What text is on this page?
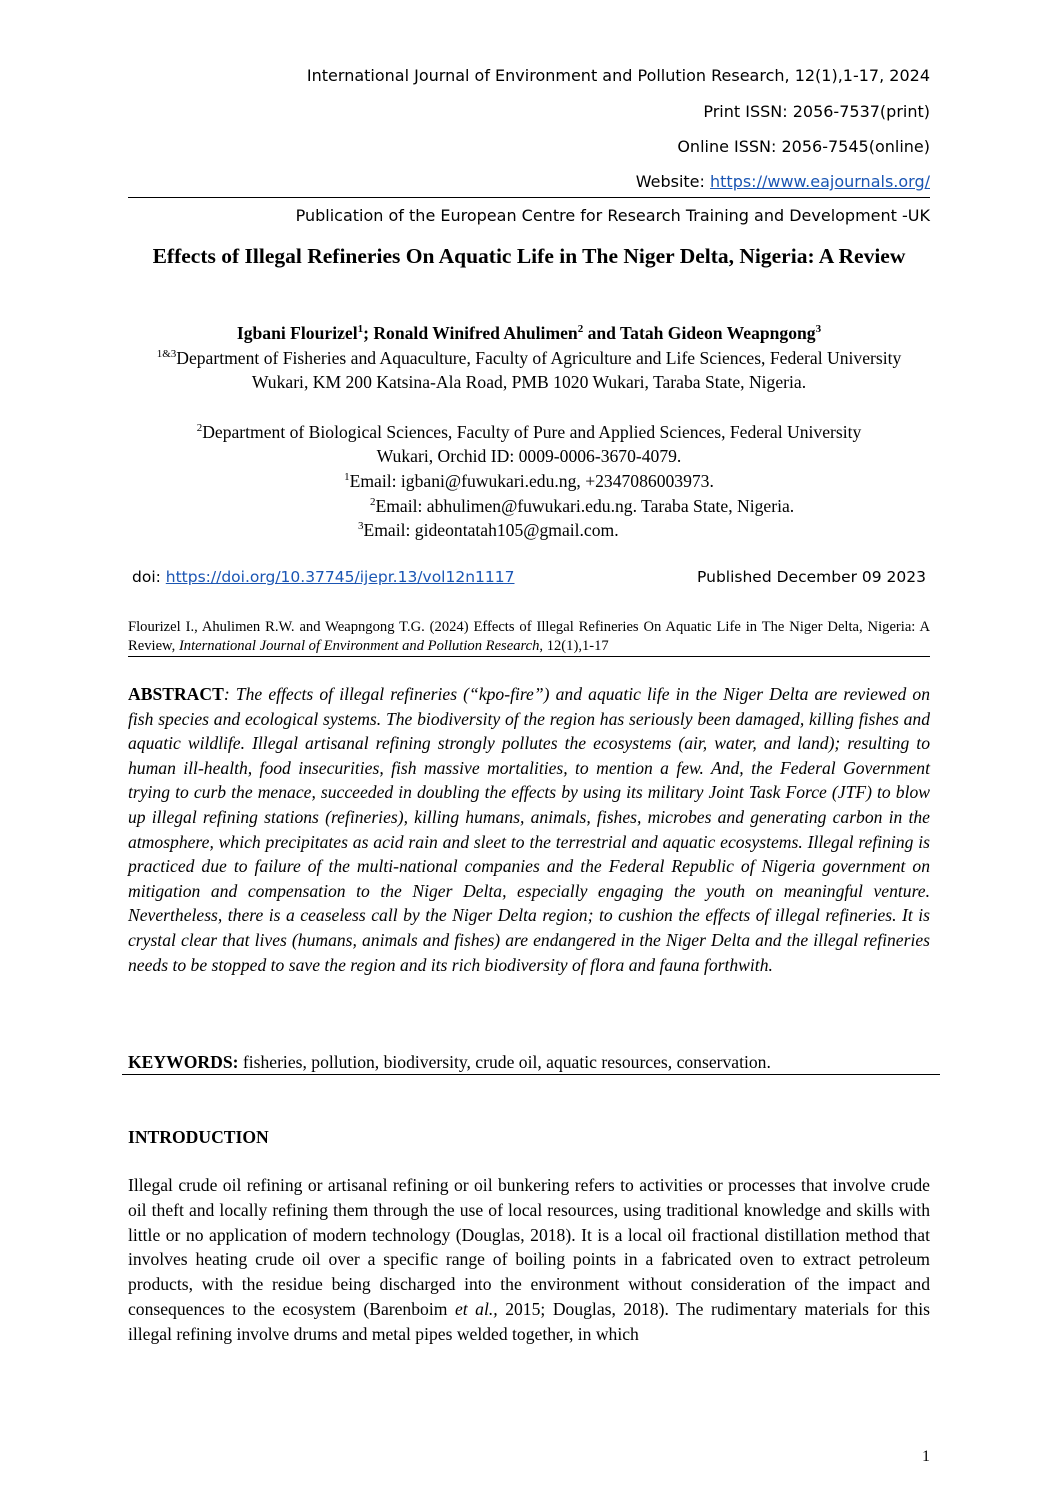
International Journal of Environment and Pollution Research, 12(1),1-17, 2024
Print ISSN: 2056-7537(print)
Online ISSN: 2056-7545(online)
Website: https://www.eajournals.org/
Publication of the European Centre for Research Training and Development -UK
Effects of Illegal Refineries On Aquatic Life in The Niger Delta, Nigeria: A Review
Igbani Flourizel$^1$; Ronald Winifred Ahulimen$^2$ and Tatah Gideon Weapngong$^3$
$^{1\&3}$Department of Fisheries and Aquaculture, Faculty of Agriculture and Life Sciences, Federal University Wukari, KM 200 Katsina-Ala Road, PMB 1020 Wukari, Taraba State, Nigeria.
$^2$Department of Biological Sciences, Faculty of Pure and Applied Sciences, Federal University Wukari, Orchid ID: 0009-0006-3670-4079.
$^1$Email: igbani@fuwukari.edu.ng, +2347086003973.
$^2$Email: abhulimen@fuwukari.edu.ng. Taraba State, Nigeria.
$^3$Email: gideontatah105@gmail.com.
doi: https://doi.org/10.37745/ijepr.13/vol12n1117	Published December 09 2023
Flourizel I., Ahulimen R.W. and Weapngong T.G. (2024) Effects of Illegal Refineries On Aquatic Life in The Niger Delta, Nigeria: A Review, International Journal of Environment and Pollution Research, 12(1),1-17
ABSTRACT: The effects of illegal refineries (“kpo-fire”) and aquatic life in the Niger Delta are reviewed on fish species and ecological systems. The biodiversity of the region has seriously been damaged, killing fishes and aquatic wildlife. Illegal artisanal refining strongly pollutes the ecosystems (air, water, and land); resulting to human ill-health, food insecurities, fish massive mortalities, to mention a few. And, the Federal Government trying to curb the menace, succeeded in doubling the effects by using its military Joint Task Force (JTF) to blow up illegal refining stations (refineries), killing humans, animals, fishes, microbes and generating carbon in the atmosphere, which precipitates as acid rain and sleet to the terrestrial and aquatic ecosystems. Illegal refining is practiced due to failure of the multi-national companies and the Federal Republic of Nigeria government on mitigation and compensation to the Niger Delta, especially engaging the youth on meaningful venture. Nevertheless, there is a ceaseless call by the Niger Delta region; to cushion the effects of illegal refineries. It is crystal clear that lives (humans, animals and fishes) are endangered in the Niger Delta and the illegal refineries needs to be stopped to save the region and its rich biodiversity of flora and fauna forthwith.
KEYWORDS: fisheries, pollution, biodiversity, crude oil, aquatic resources, conservation.
INTRODUCTION
Illegal crude oil refining or artisanal refining or oil bunkering refers to activities or processes that involve crude oil theft and locally refining them through the use of local resources, using traditional knowledge and skills with little or no application of modern technology (Douglas, 2018). It is a local oil fractional distillation method that involves heating crude oil over a specific range of boiling points in a fabricated oven to extract petroleum products, with the residue being discharged into the environment without consideration of the impact and consequences to the ecosystem (Barenboim et al., 2015; Douglas, 2018). The rudimentary materials for this illegal refining involve drums and metal pipes welded together, in which
1
